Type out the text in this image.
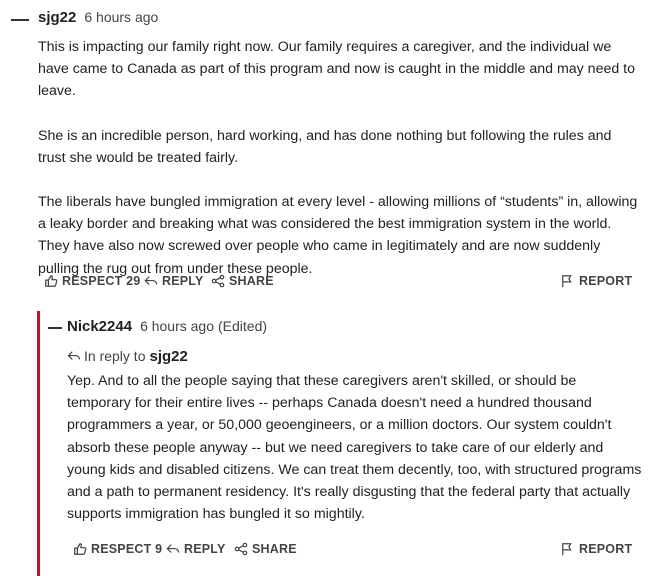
sjg22 6 hours ago

This is impacting our family right now. Our family requires a caregiver, and the individual we have came to Canada as part of this program and now is caught in the middle and may need to leave.

She is an incredible person, hard working, and has done nothing but following the rules and trust she would be treated fairly.

The liberals have bungled immigration at every level - allowing millions of “students” in, allowing a leaky border and breaking what was considered the best immigration system in the world. They have also now screwed over people who came in legitimately and are now suddenly pulling the rug out from under these people.

RESPECT 29 REPLY SHARE	REPORT
Nick2244 6 hours ago (Edited)
In reply to sjg22

Yep. And to all the people saying that these caregivers aren't skilled, or should be temporary for their entire lives -- perhaps Canada doesn't need a hundred thousand programmers a year, or 50,000 geoengineers, or a million doctors. Our system couldn't absorb these people anyway -- but we need caregivers to take care of our elderly and young kids and disabled citizens. We can treat them decently, too, with structured programs and a path to permanent residency. It's really disgusting that the federal party that actually supports immigration has bungled it so mightily.

RESPECT 9 REPLY SHARE	REPORT
